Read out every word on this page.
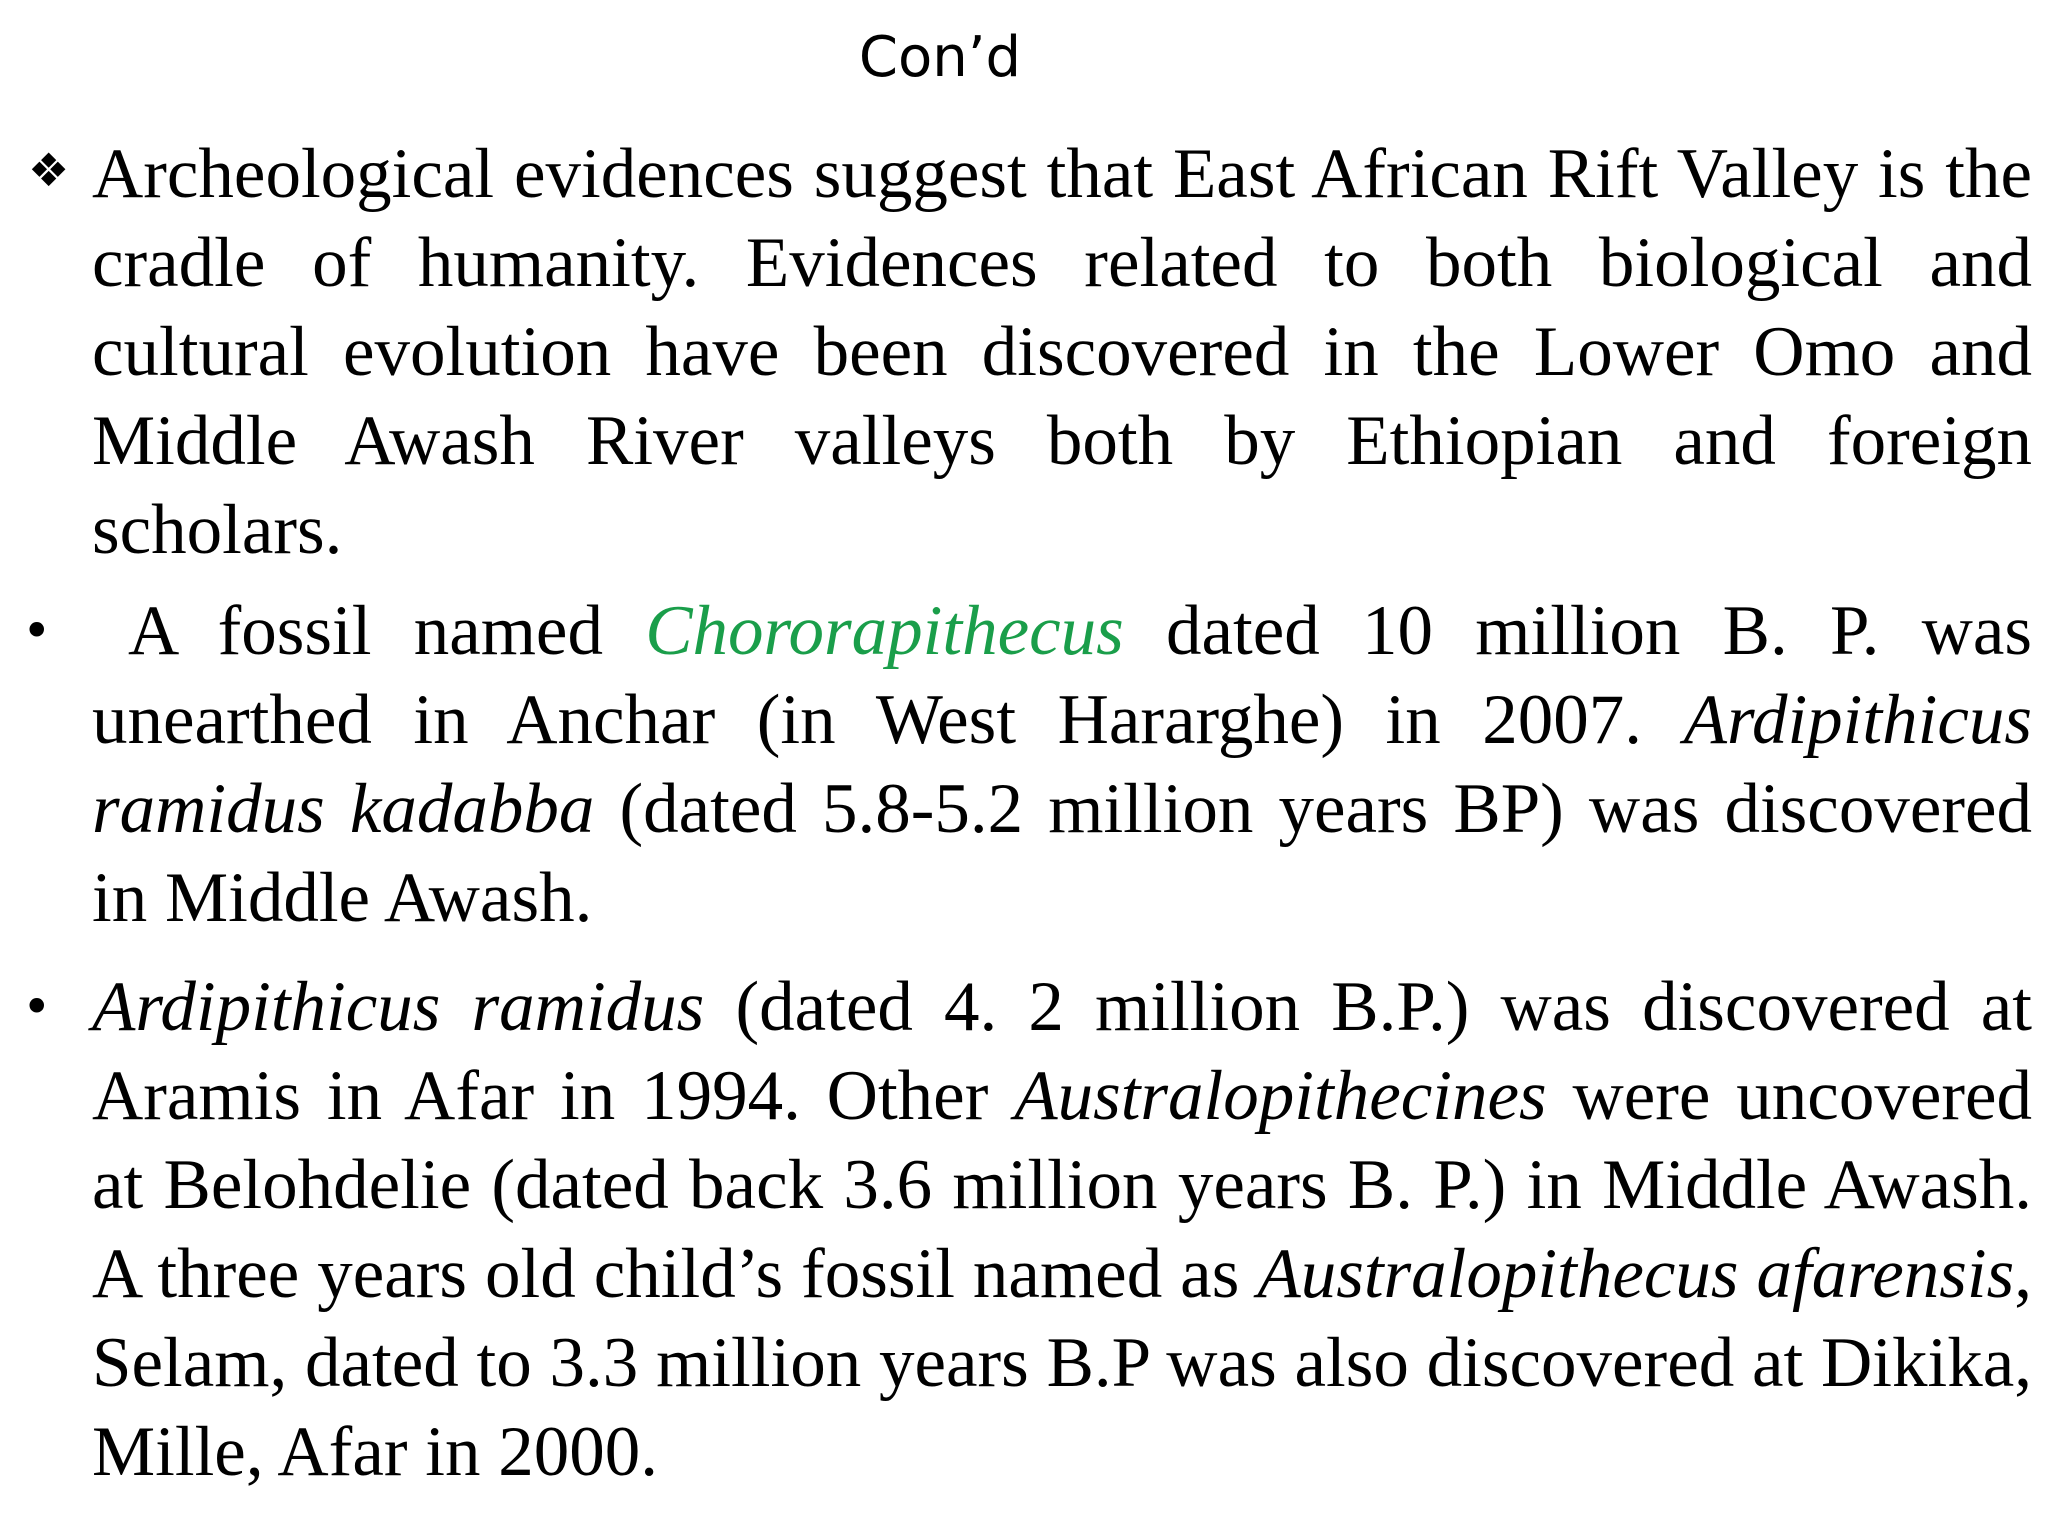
Con’d
❖ Archeological evidences suggest that East African Rift Valley is the cradle of humanity. Evidences related to both biological and cultural evolution have been discovered in the Lower Omo and Middle Awash River valleys both by Ethiopian and foreign scholars.
•	A fossil named Chororapithecus dated 10 million B. P. was unearthed in Anchar (in West Hararghe) in 2007. Ardipithicus ramidus kadabba (dated 5.8-5.2 million years BP) was discovered in Middle Awash.
• Ardipithicus ramidus (dated 4. 2 million B.P.) was discovered at Aramis in Afar in 1994. Other Australopithecines were uncovered at Belohdelie (dated back 3.6 million years B. P.) in Middle Awash. A three years old child’s fossil named as Australopithecus afarensis, Selam, dated to 3.3 million years B.P was also discovered at Dikika, Mille, Afar in 2000.
